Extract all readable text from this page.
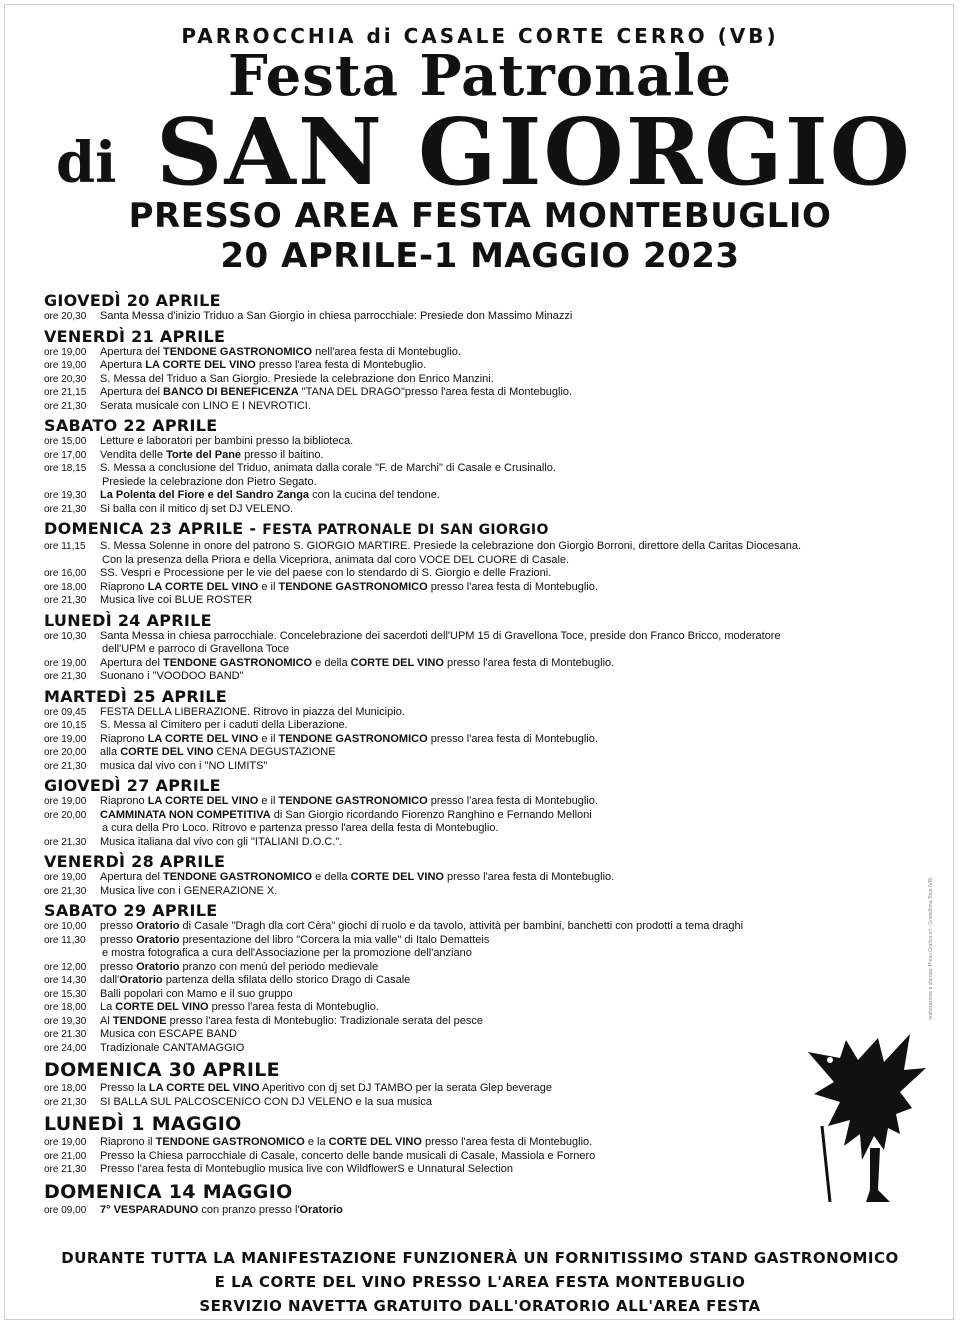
PARROCCHIA di CASALE CORTE CERRO (VB)
Festa Patronale
di SAN GIORGIO
PRESSO AREA FESTA MONTEBUGLIO
20 APRILE-1 MAGGIO 2023
GIOVEDÌ 20 APRILE
ore 20,30	Santa Messa d'inizio Triduo a San Giorgio in chiesa parrocchiale: Presiede don Massimo Minazzi
VENERDÌ 21 APRILE
ore 19,00	Apertura del TENDONE GASTRONOMICO nell'area festa di Montebuglio.
ore 19,00	Apertura LA CORTE DEL VINO presso l'area festa di Montebuglio.
ore 20,30	S. Messa del Triduo a San Giorgio. Presiede la celebrazione don Enrico Manzini.
ore 21,15	Apertura del BANCO DI BENEFICENZA "TANA DEL DRAGO"presso l'area festa di Montebuglio.
ore 21,30	Serata musicale con LINO E I NEVROTICI.
SABATO 22 APRILE
ore 15,00	Letture e laboratori per bambini presso la biblioteca.
ore 17,00	Vendita delle Torte del Pane presso il baitino.
ore 18,15	S. Messa a conclusione del Triduo, animata dalla corale "F. de Marchi" di Casale e Crusinallo.
Presiede la celebrazione don Pietro Segato.
ore 19,30	La Polenta del Fiore e del Sandro Zanga con la cucina del tendone.
ore 21,30	Si balla con il mitico dj set DJ VELENO.
DOMENICA 23 APRILE - FESTA PATRONALE DI SAN GIORGIO
ore 11,15	S. Messa Solenne in onore del patrono S. GIORGIO MARTIRE. Presiede la celebrazione don Giorgio Borroni, direttore della Caritas Diocesana.
Con la presenza della Priora e della Vicepriora, animata dal coro VOCE DEL CUORE di Casale.
ore 16,00	SS. Vespri e Processione per le vie del paese con lo stendardo di S. Giorgio e delle Frazioni.
ore 18,00	Riaprono LA CORTE DEL VINO e il TENDONE GASTRONOMICO presso l'area festa di Montebuglio.
ore 21,30	Musica live coi BLUE ROSTER
LUNEDÌ 24 APRILE
ore 10,30	Santa Messa in chiesa parrocchiale. Concelebrazione dei sacerdoti dell'UPM 15 di Gravellona Toce, preside don Franco Bricco, moderatore
dell'UPM e parroco di Gravellona Toce
ore 19,00	Apertura del TENDONE GASTRONOMICO e della CORTE DEL VINO presso l'area festa di Montebuglio.
ore 21,30	Suonano i "VOODOO BAND"
MARTEDÌ 25 APRILE
ore 09,45	FESTA DELLA LIBERAZIONE. Ritrovo in piazza del Municipio.
ore 10,15	S. Messa al Cimitero per i caduti della Liberazione.
ore 19,00	Riaprono LA CORTE DEL VINO e il TENDONE GASTRONOMICO presso l'area festa di Montebuglio.
ore 20,00	alla CORTE DEL VINO CENA DEGUSTAZIONE
ore 21,30	musica dal vivo con i "NO LIMITS"
GIOVEDÌ 27 APRILE
ore 19,00	Riaprono LA CORTE DEL VINO e il TENDONE GASTRONOMICO presso l'area festa di Montebuglio.
ore 20,00	CAMMINATA NON COMPETITIVA di San Giorgio ricordando Fiorenzo Ranghino e Fernando Melloni
a cura della Pro Loco. Ritrovo e partenza presso l'area della festa di Montebuglio.
ore 21,30	Musica italiana dal vivo con gli "ITALIANI D.O.C.".
VENERDÌ 28 APRILE
ore 19,00	Apertura del TENDONE GASTRONOMICO e della CORTE DEL VINO presso l'area festa di Montebuglio.
ore 21,30	Musica live con i GENERAZIONE X.
SABATO 29 APRILE
ore 10,00	presso Oratorio di Casale "Dragh dla cort Cèra" giochi di ruolo e da tavolo, attività per bambini, banchetti con prodotti a tema draghi
ore 11,30	presso Oratorio presentazione del libro "Corcera la mia valle" di Italo Dematteis
e mostra fotografica a cura dell'Associazione per la promozione dell'anziano
ore 12,00	presso Oratorio pranzo con menù del periodo medievale
ore 14,30	dall'Oratorio partenza della sfilata dello storico Drago di Casale
ore 15,30	Balli popolari con Mamo e il suo gruppo
ore 18,00	La CORTE DEL VINO presso l'area festa di Montebuglio.
ore 19,30	Al TENDONE presso l'area festa di Montebuglio: Tradizionale serata del pesce
ore 21.30	Musica con ESCAPE BAND
ore 24,00	Tradizionale CANTAMAGGIO
DOMENICA 30 APRILE
ore 18,00	Presso la LA CORTE DEL VINO Aperitivo con dj set DJ TAMBO per la serata Glep beverage
ore 21,30	SI BALLA SUL PALCOSCENICO CON DJ VELENO e la sua musica
LUNEDÌ 1 MAGGIO
ore 19,00	Riaprono il TENDONE GASTRONOMICO e la CORTE DEL VINO presso l'area festa di Montebuglio.
ore 21,00	Presso la Chiesa parrocchiale di Casale, concerto delle bande musicali di Casale, Massiola e Fornero
ore 21,30	Presso l'area festa di Montebuglio musica live con WildflowerS e Unnatural Selection
DOMENICA 14 MAGGIO
ore 09,00	7° VESPARADUNO con pranzo presso l'Oratorio
realizzazione e stampa: Press Grafica srl - Gravellona Toce (VB)
DURANTE TUTTA LA MANIFESTAZIONE FUNZIONERÀ UN FORNITISSIMO STAND GASTRONOMICO
E LA CORTE DEL VINO PRESSO L'AREA FESTA MONTEBUGLIO
SERVIZIO NAVETTA GRATUITO DALL'ORATORIO ALL'AREA FESTA
